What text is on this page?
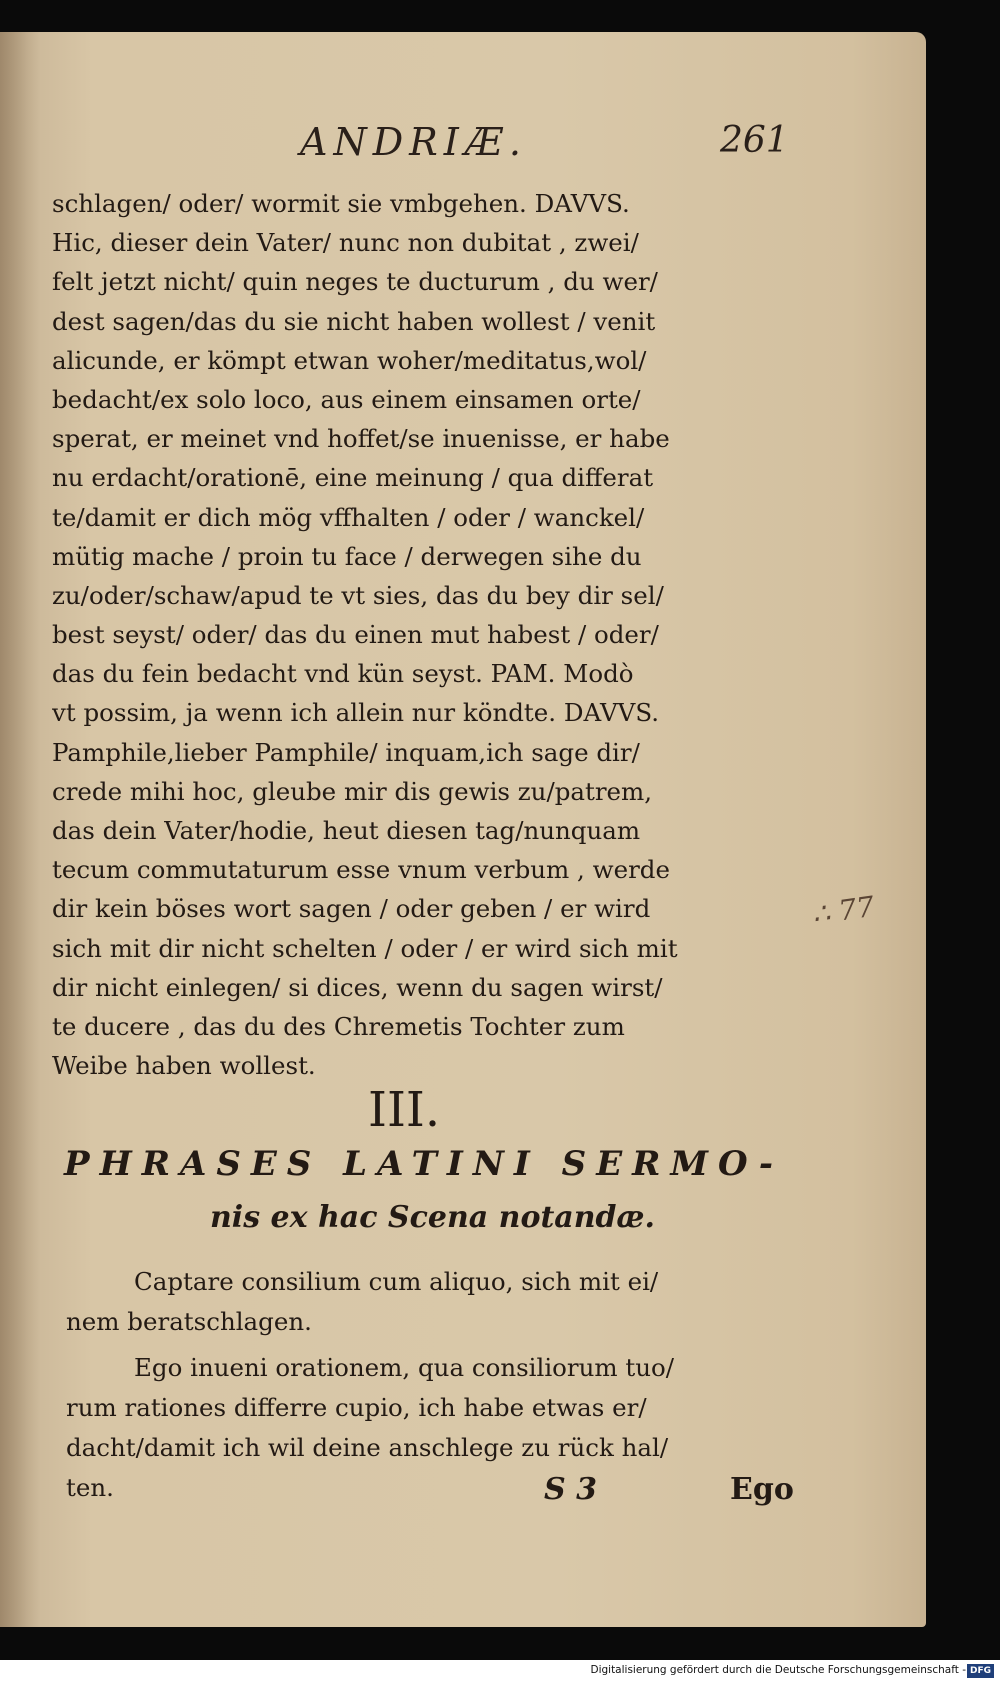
ANDRIÆ.	261
schlagen/ oder/ wormit sie vmbgehen. DAVVS.
Hic, dieser dein Vater/ nunc non dubitat , zwei/
felt jetzt nicht/ quin neges te ducturum , du wer/
dest sagen/das du sie nicht haben wollest / venit
alicunde, er kömpt etwan woher/meditatus,wol/
bedacht/ex solo loco, aus einem einsamen orte/
sperat, er meinet vnd hoffet/se inuenisse, er habe
nu erdacht/orationē, eine meinung / qua differat
te/damit er dich mög vffhalten / oder / wanckel/
mütig mache / proin tu face / derwegen sihe du
zu/oder/schaw/apud te vt sies, das du bey dir sel/
best seyst/ oder/ das du einen mut habest / oder/
das du fein bedacht vnd kün seyst. PAM. Modò
vt possim, ja wenn ich allein nur köndte. DAVVS.
Pamphile,lieber Pamphile/ inquam,ich sage dir/
crede mihi hoc, gleube mir dis gewis zu/patrem,
das dein Vater/hodie, heut diesen tag/nunquam
tecum commutaturum esse vnum verbum , werde
dir kein böses wort sagen / oder geben / er wird
sich mit dir nicht schelten / oder / er wird sich mit
dir nicht einlegen/ si dices, wenn du sagen wirst/
te ducere , das du des Chremetis Tochter zum
Weibe haben wollest.
∴ 77
III.
PHRASES LATINI SERMO-
nis ex hac Scena notandæ.
Captare consilium cum aliquo, sich mit ei/
nem beratschlagen.
Ego inueni orationem, qua consiliorum tuo/
rum rationes differre cupio, ich habe etwas er/
dacht/damit ich wil deine anschlege zu rück hal/
ten.	S 3	Ego
Digitalisierung gefördert durch die Deutsche Forschungsgemeinschaft - DFG
